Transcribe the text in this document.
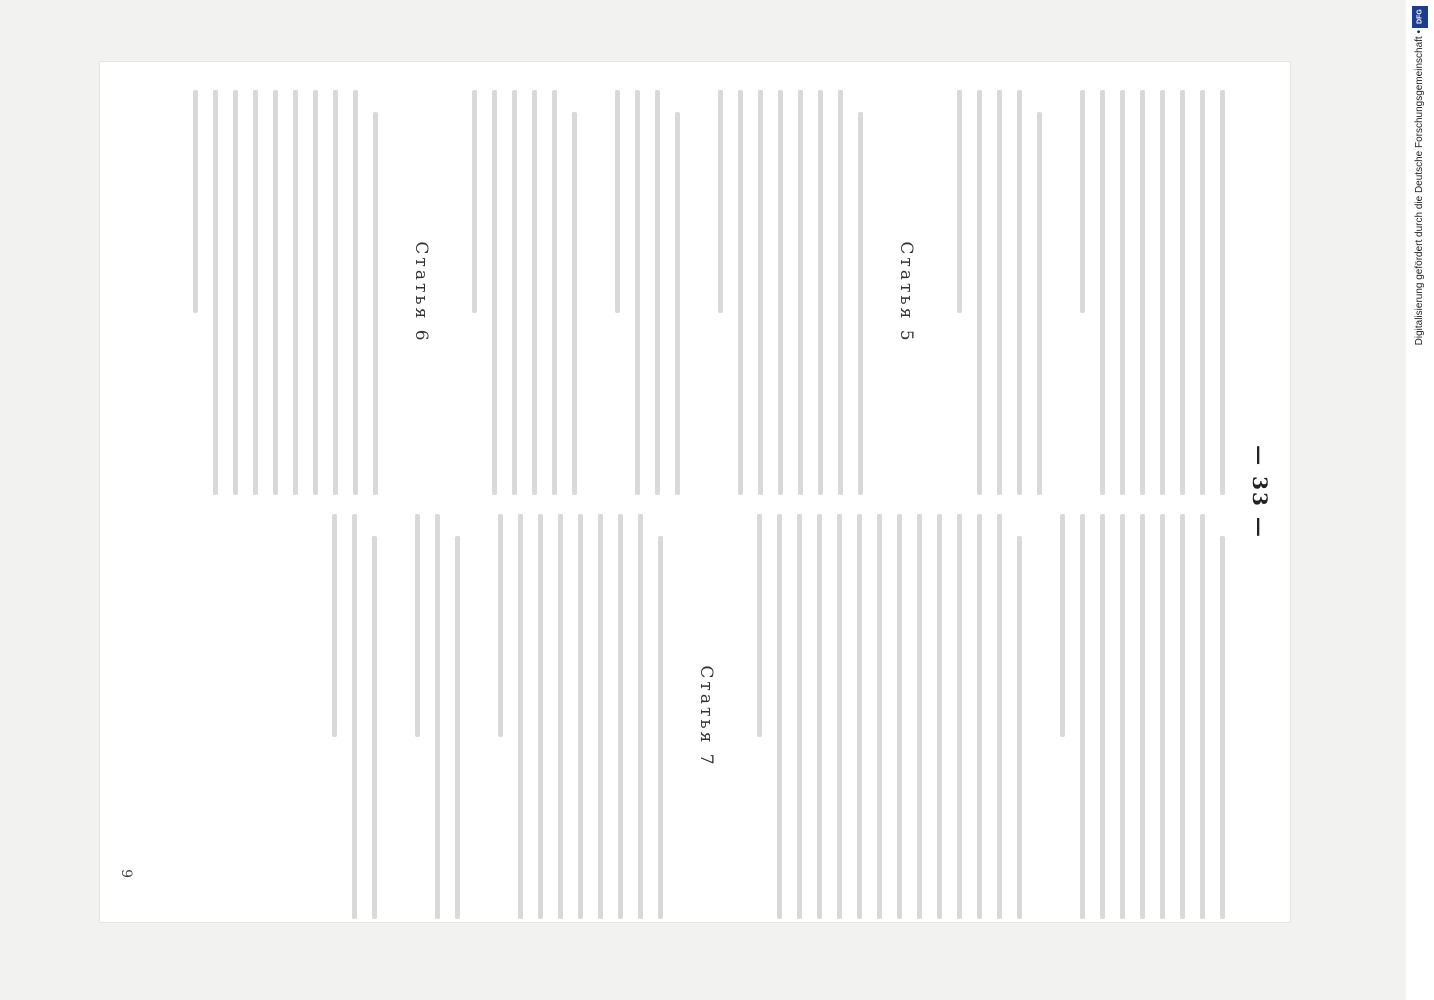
— 33 —
Статья 5
Статья 6
Статья 7
9
DFG
Digitalisierung gefördert durch die Deutsche Forschungsgemeinschaft •
